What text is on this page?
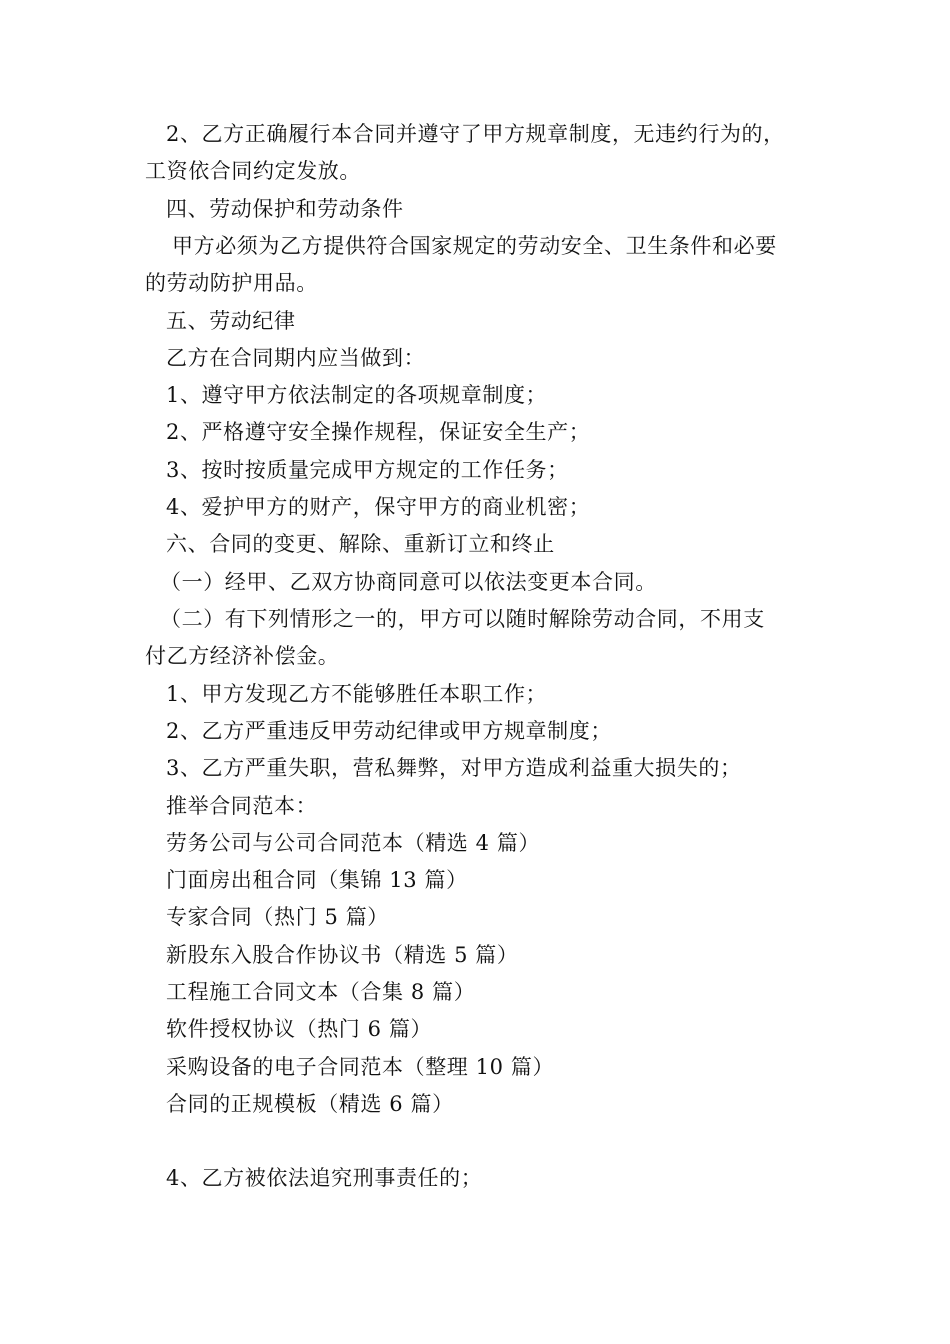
2、乙方正确履行本合同并遵守了甲方规章制度，无违约行为的，
工资依合同约定发放。
四、劳动保护和劳动条件
甲方必须为乙方提供符合国家规定的劳动安全、卫生条件和必要
的劳动防护用品。
五、劳动纪律
乙方在合同期内应当做到：
1、遵守甲方依法制定的各项规章制度；
2、严格遵守安全操作规程，保证安全生产；
3、按时按质量完成甲方规定的工作任务；
4、爱护甲方的财产，保守甲方的商业机密；
六、合同的变更、解除、重新订立和终止
（一）经甲、乙双方协商同意可以依法变更本合同。
（二）有下列情形之一的，甲方可以随时解除劳动合同，不用支
付乙方经济补偿金。
1、甲方发现乙方不能够胜任本职工作；
2、乙方严重违反甲劳动纪律或甲方规章制度；
3、乙方严重失职，营私舞弊，对甲方造成利益重大损失的；
推举合同范本：
劳务公司与公司合同范本（精选 4 篇）
门面房出租合同（集锦 13 篇）
专家合同（热门 5 篇）
新股东入股合作协议书（精选 5 篇）
工程施工合同文本（合集 8 篇）
软件授权协议（热门 6 篇）
采购设备的电子合同范本（整理 10 篇）
合同的正规模板（精选 6 篇）
4、乙方被依法追究刑事责任的；
